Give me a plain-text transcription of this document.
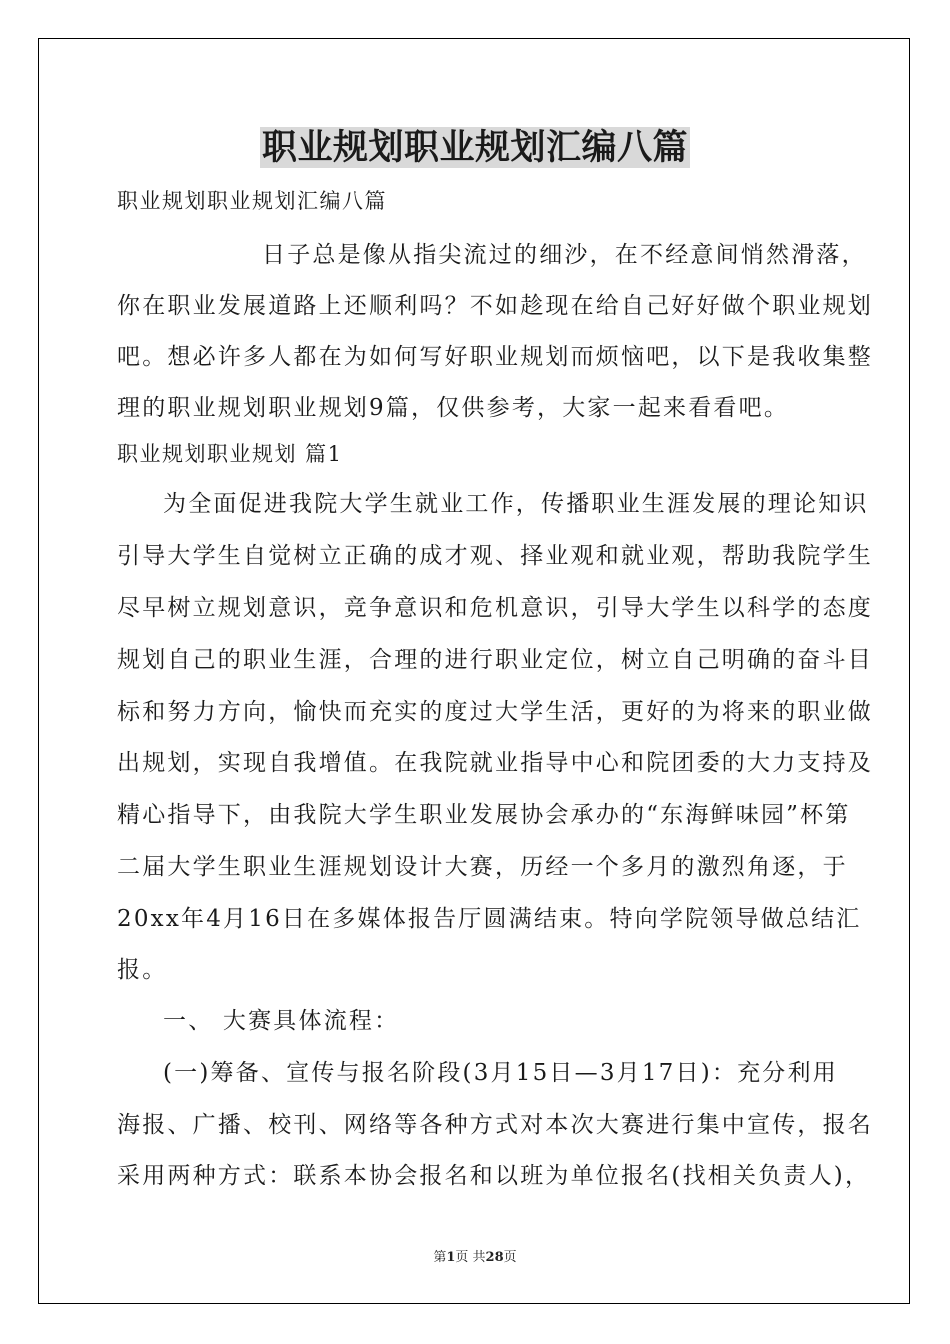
职业规划职业规划汇编八篇
职业规划职业规划汇编八篇
日子总是像从指尖流过的细沙，在不经意间悄然滑落，
你在职业发展道路上还顺利吗？不如趁现在给自己好好做个职业规划
吧。想必许多人都在为如何写好职业规划而烦恼吧，以下是我收集整
理的职业规划职业规划9篇，仅供参考，大家一起来看看吧。
职业规划职业规划 篇1
为全面促进我院大学生就业工作，传播职业生涯发展的理论知识
引导大学生自觉树立正确的成才观、择业观和就业观，帮助我院学生
尽早树立规划意识，竞争意识和危机意识，引导大学生以科学的态度
规划自己的职业生涯，合理的进行职业定位，树立自己明确的奋斗目
标和努力方向，愉快而充实的度过大学生活，更好的为将来的职业做
出规划，实现自我增值。在我院就业指导中心和院团委的大力支持及
精心指导下，由我院大学生职业发展协会承办的“东海鲜味园”杯第
二届大学生职业生涯规划设计大赛，历经一个多月的激烈角逐，于
20xx年4月16日在多媒体报告厅圆满结束。特向学院领导做总结汇
报。
一、 大赛具体流程：
(一)筹备、宣传与报名阶段(3月15日—3月17日)：充分利用
海报、广播、校刊、网络等各种方式对本次大赛进行集中宣传，报名
采用两种方式：联系本协会报名和以班为单位报名(找相关负责人)，
第1页 共28页
